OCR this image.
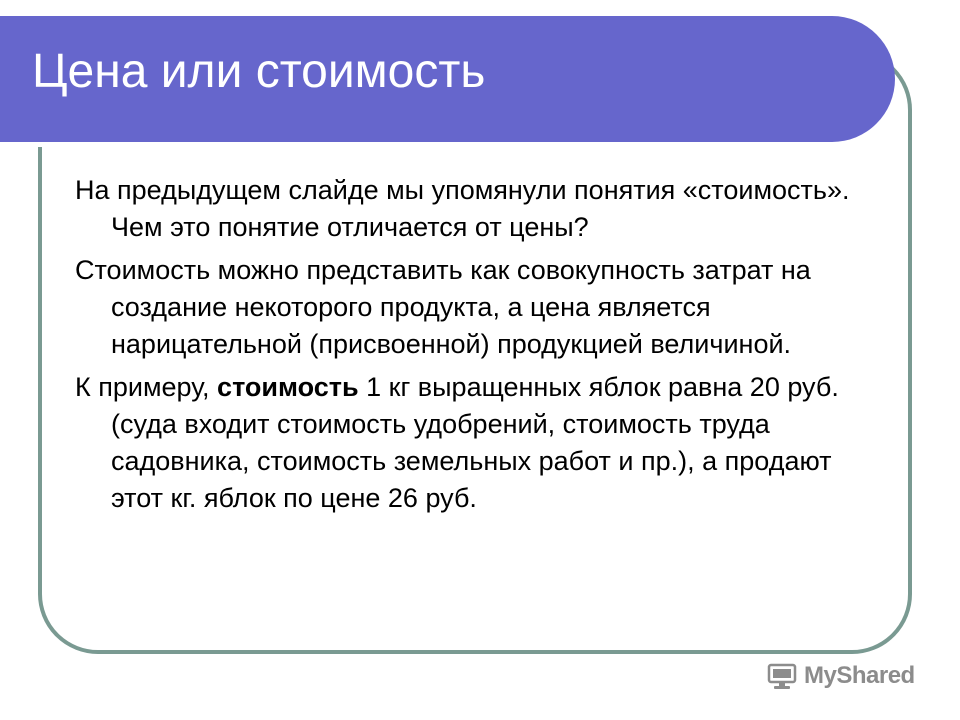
Цена или стоимость

На предыдущем слайде мы упомянули понятия «стоимость». Чем это понятие отличается от цены?

Стоимость можно представить как совокупность затрат на создание некоторого продукта, а цена является нарицательной (присвоенной) продукцией величиной.

К примеру, стоимость 1 кг выращенных яблок равна 20 руб. (суда входит стоимость удобрений, стоимость труда садовника, стоимость земельных работ и пр.), а продают этот кг. яблок по цене 26 руб.

MyShared
